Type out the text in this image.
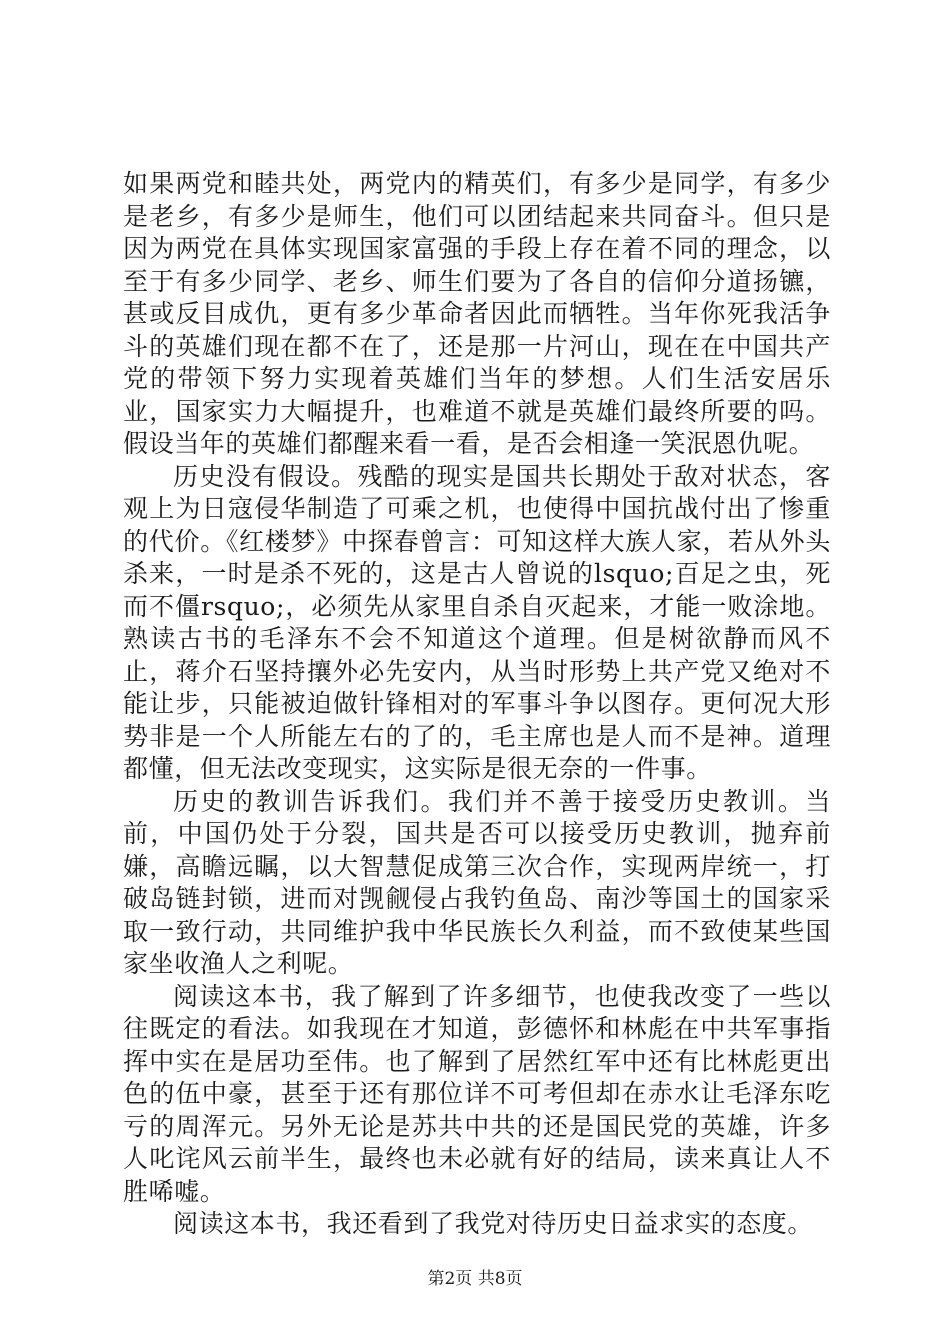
如果两党和睦共处，两党内的精英们，有多少是同学，有多少是老乡，有多少是师生，他们可以团结起来共同奋斗。但只是因为两党在具体实现国家富强的手段上存在着不同的理念，以至于有多少同学、老乡、师生们要为了各自的信仰分道扬镳，甚或反目成仇，更有多少革命者因此而牺牲。当年你死我活争斗的英雄们现在都不在了，还是那一片河山，现在在中国共产党的带领下努力实现着英雄们当年的梦想。人们生活安居乐业，国家实力大幅提升，也难道不就是英雄们最终所要的吗。假设当年的英雄们都醒来看一看，是否会相逢一笑泯恩仇呢。

历史没有假设。残酷的现实是国共长期处于敌对状态，客观上为日寇侵华制造了可乘之机，也使得中国抗战付出了惨重的代价。《红楼梦》中探春曾言：可知这样大族人家，若从外头杀来，一时是杀不死的，这是古人曾说的lsquo;百足之虫，死而不僵rsquo;，必须先从家里自杀自灭起来，才能一败涂地。熟读古书的毛泽东不会不知道这个道理。但是树欲静而风不止，蒋介石坚持攘外必先安内，从当时形势上共产党又绝对不能让步，只能被迫做针锋相对的军事斗争以图存。更何况大形势非是一个人所能左右的了的，毛主席也是人而不是神。道理都懂，但无法改变现实，这实际是很无奈的一件事。

历史的教训告诉我们。我们并不善于接受历史教训。当前，中国仍处于分裂，国共是否可以接受历史教训，抛弃前嫌，高瞻远瞩，以大智慧促成第三次合作，实现两岸统一，打破岛链封锁，进而对觊觎侵占我钓鱼岛、南沙等国土的国家采取一致行动，共同维护我中华民族长久利益，而不致使某些国家坐收渔人之利呢。

阅读这本书，我了解到了许多细节，也使我改变了一些以往既定的看法。如我现在才知道，彭德怀和林彪在中共军事指挥中实在是居功至伟。也了解到了居然红军中还有比林彪更出色的伍中豪，甚至于还有那位详不可考但却在赤水让毛泽东吃亏的周浑元。另外无论是苏共中共的还是国民党的英雄，许多人叱诧风云前半生，最终也未必就有好的结局，读来真让人不胜唏嘘。

阅读这本书，我还看到了我党对待历史日益求实的态度。

第2页 共8页
